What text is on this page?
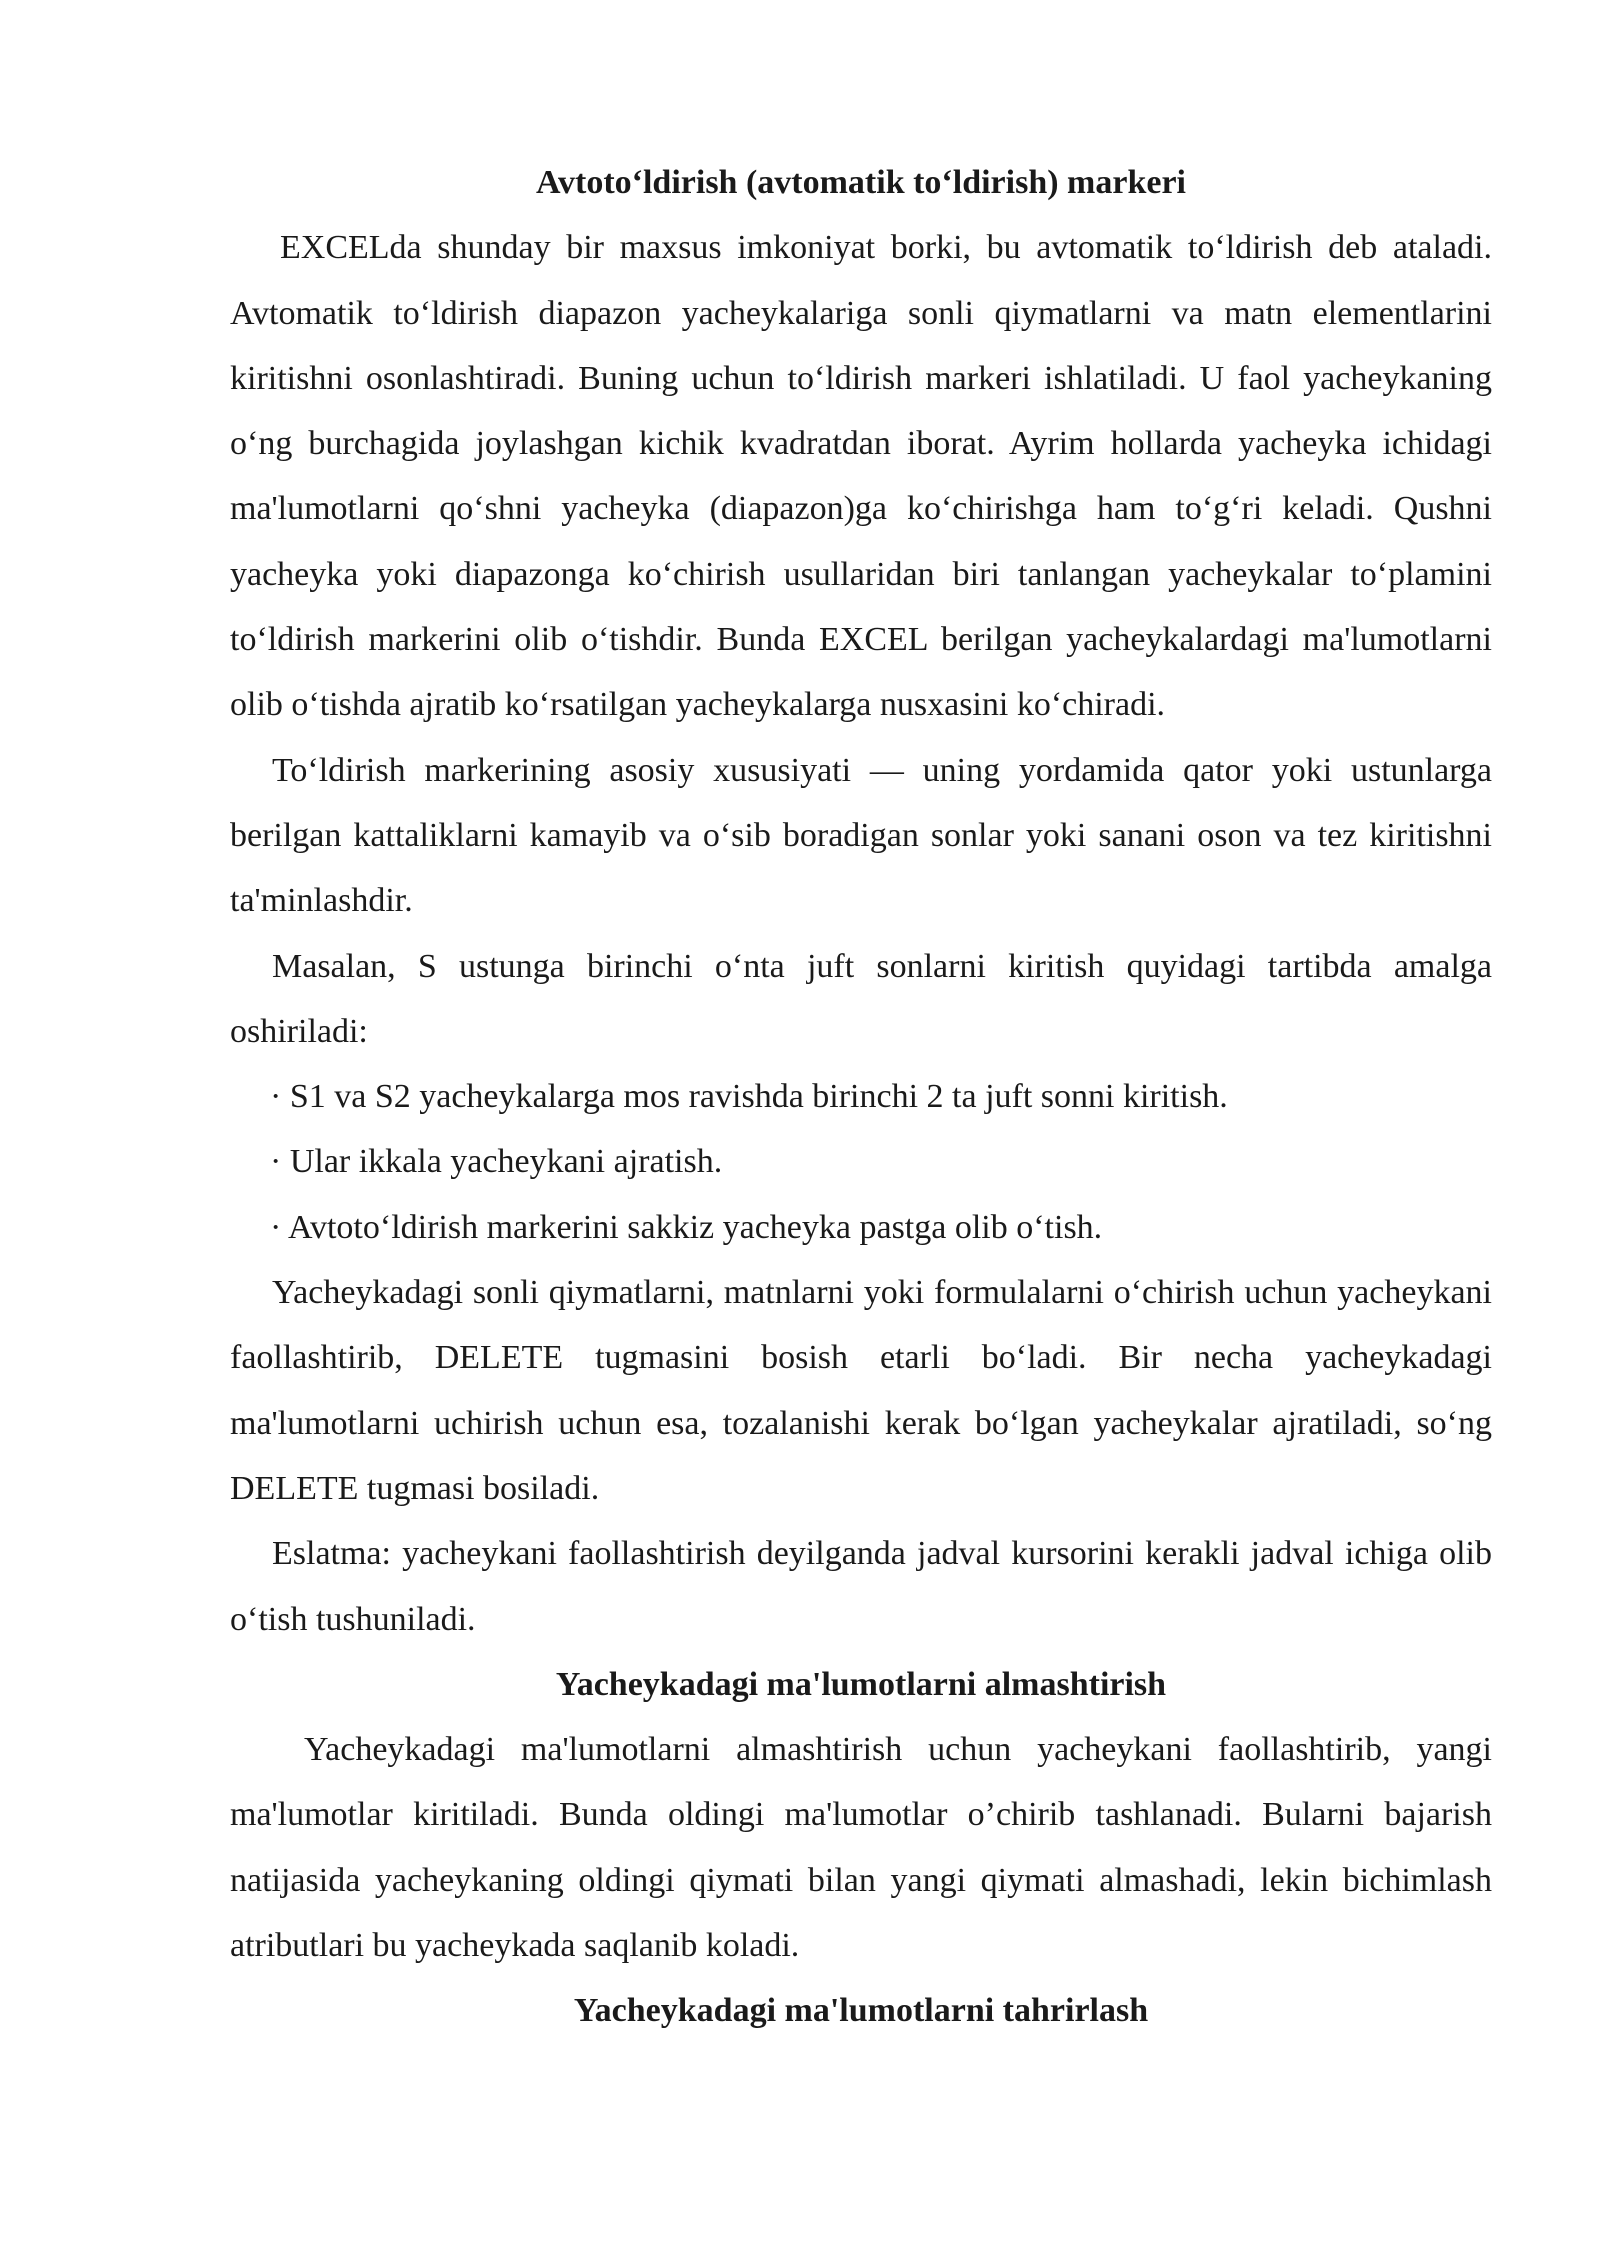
Avtoto‘ldirish (avtomatik to‘ldirish) markeri

EXCELda shunday bir maxsus imkoniyat borki, bu avtomatik to‘ldirish deb ataladi. Avtomatik to‘ldirish diapazon yacheykalariga sonli qiymatlarni va matn elementlarini kiritishni osonlashtiradi. Buning uchun to‘ldirish markeri ishlatiladi. U faol yacheykaning o‘ng burchagida joylashgan kichik kvadratdan iborat. Ayrim hollarda yacheyka ichidagi ma'lumotlarni qo‘shni yacheyka (diapazon)ga ko‘chirishga ham to‘g‘ri keladi. Qushni yacheyka yoki diapazonga ko‘chirish usullaridan biri tanlangan yacheykalar to‘plamini to‘ldirish markerini olib o‘tishdir. Bunda EXCEL berilgan yacheykalardagi ma'lumotlarni olib o‘tishda ajratib ko‘rsatilgan yacheykalarga nusxasini ko‘chiradi.

To‘ldirish markerining asosiy xususiyati — uning yordamida qator yoki ustunlarga berilgan kattaliklarni kamayib va o‘sib boradigan sonlar yoki sanani oson va tez kiritishni ta'minlashdir.

Masalan, S ustunga birinchi o‘nta juft sonlarni kiritish quyidagi tartibda amalga oshiriladi:

· S1 va S2 yacheykalarga mos ravishda birinchi 2 ta juft sonni kiritish.

· Ular ikkala yacheykani ajratish.

· Avtoto‘ldirish markerini sakkiz yacheyka pastga olib o‘tish.

Yacheykadagi sonli qiymatlarni, matnlarni yoki formulalarni o‘chirish uchun yacheykani faollashtirib, DELETE tugmasini bosish etarli bo‘ladi. Bir necha yacheykadagi ma'lumotlarni uchirish uchun esa, tozalanishi kerak bo‘lgan yacheykalar ajratiladi, so‘ng DELETE tugmasi bosiladi.

Eslatma: yacheykani faollashtirish deyilganda jadval kursorini kerakli jadval ichiga olib o‘tish tushuniladi.

Yacheykadagi ma'lumotlarni almashtirish

Yacheykadagi ma'lumotlarni almashtirish uchun yacheykani faollashtirib, yangi ma'lumotlar kiritiladi. Bunda oldingi ma'lumotlar o’chirib tashlanadi. Bularni bajarish natijasida yacheykaning oldingi qiymati bilan yangi qiymati almashadi, lekin bichimlash atributlari bu yacheykada saqlanib koladi.

Yacheykadagi ma'lumotlarni tahrirlash
